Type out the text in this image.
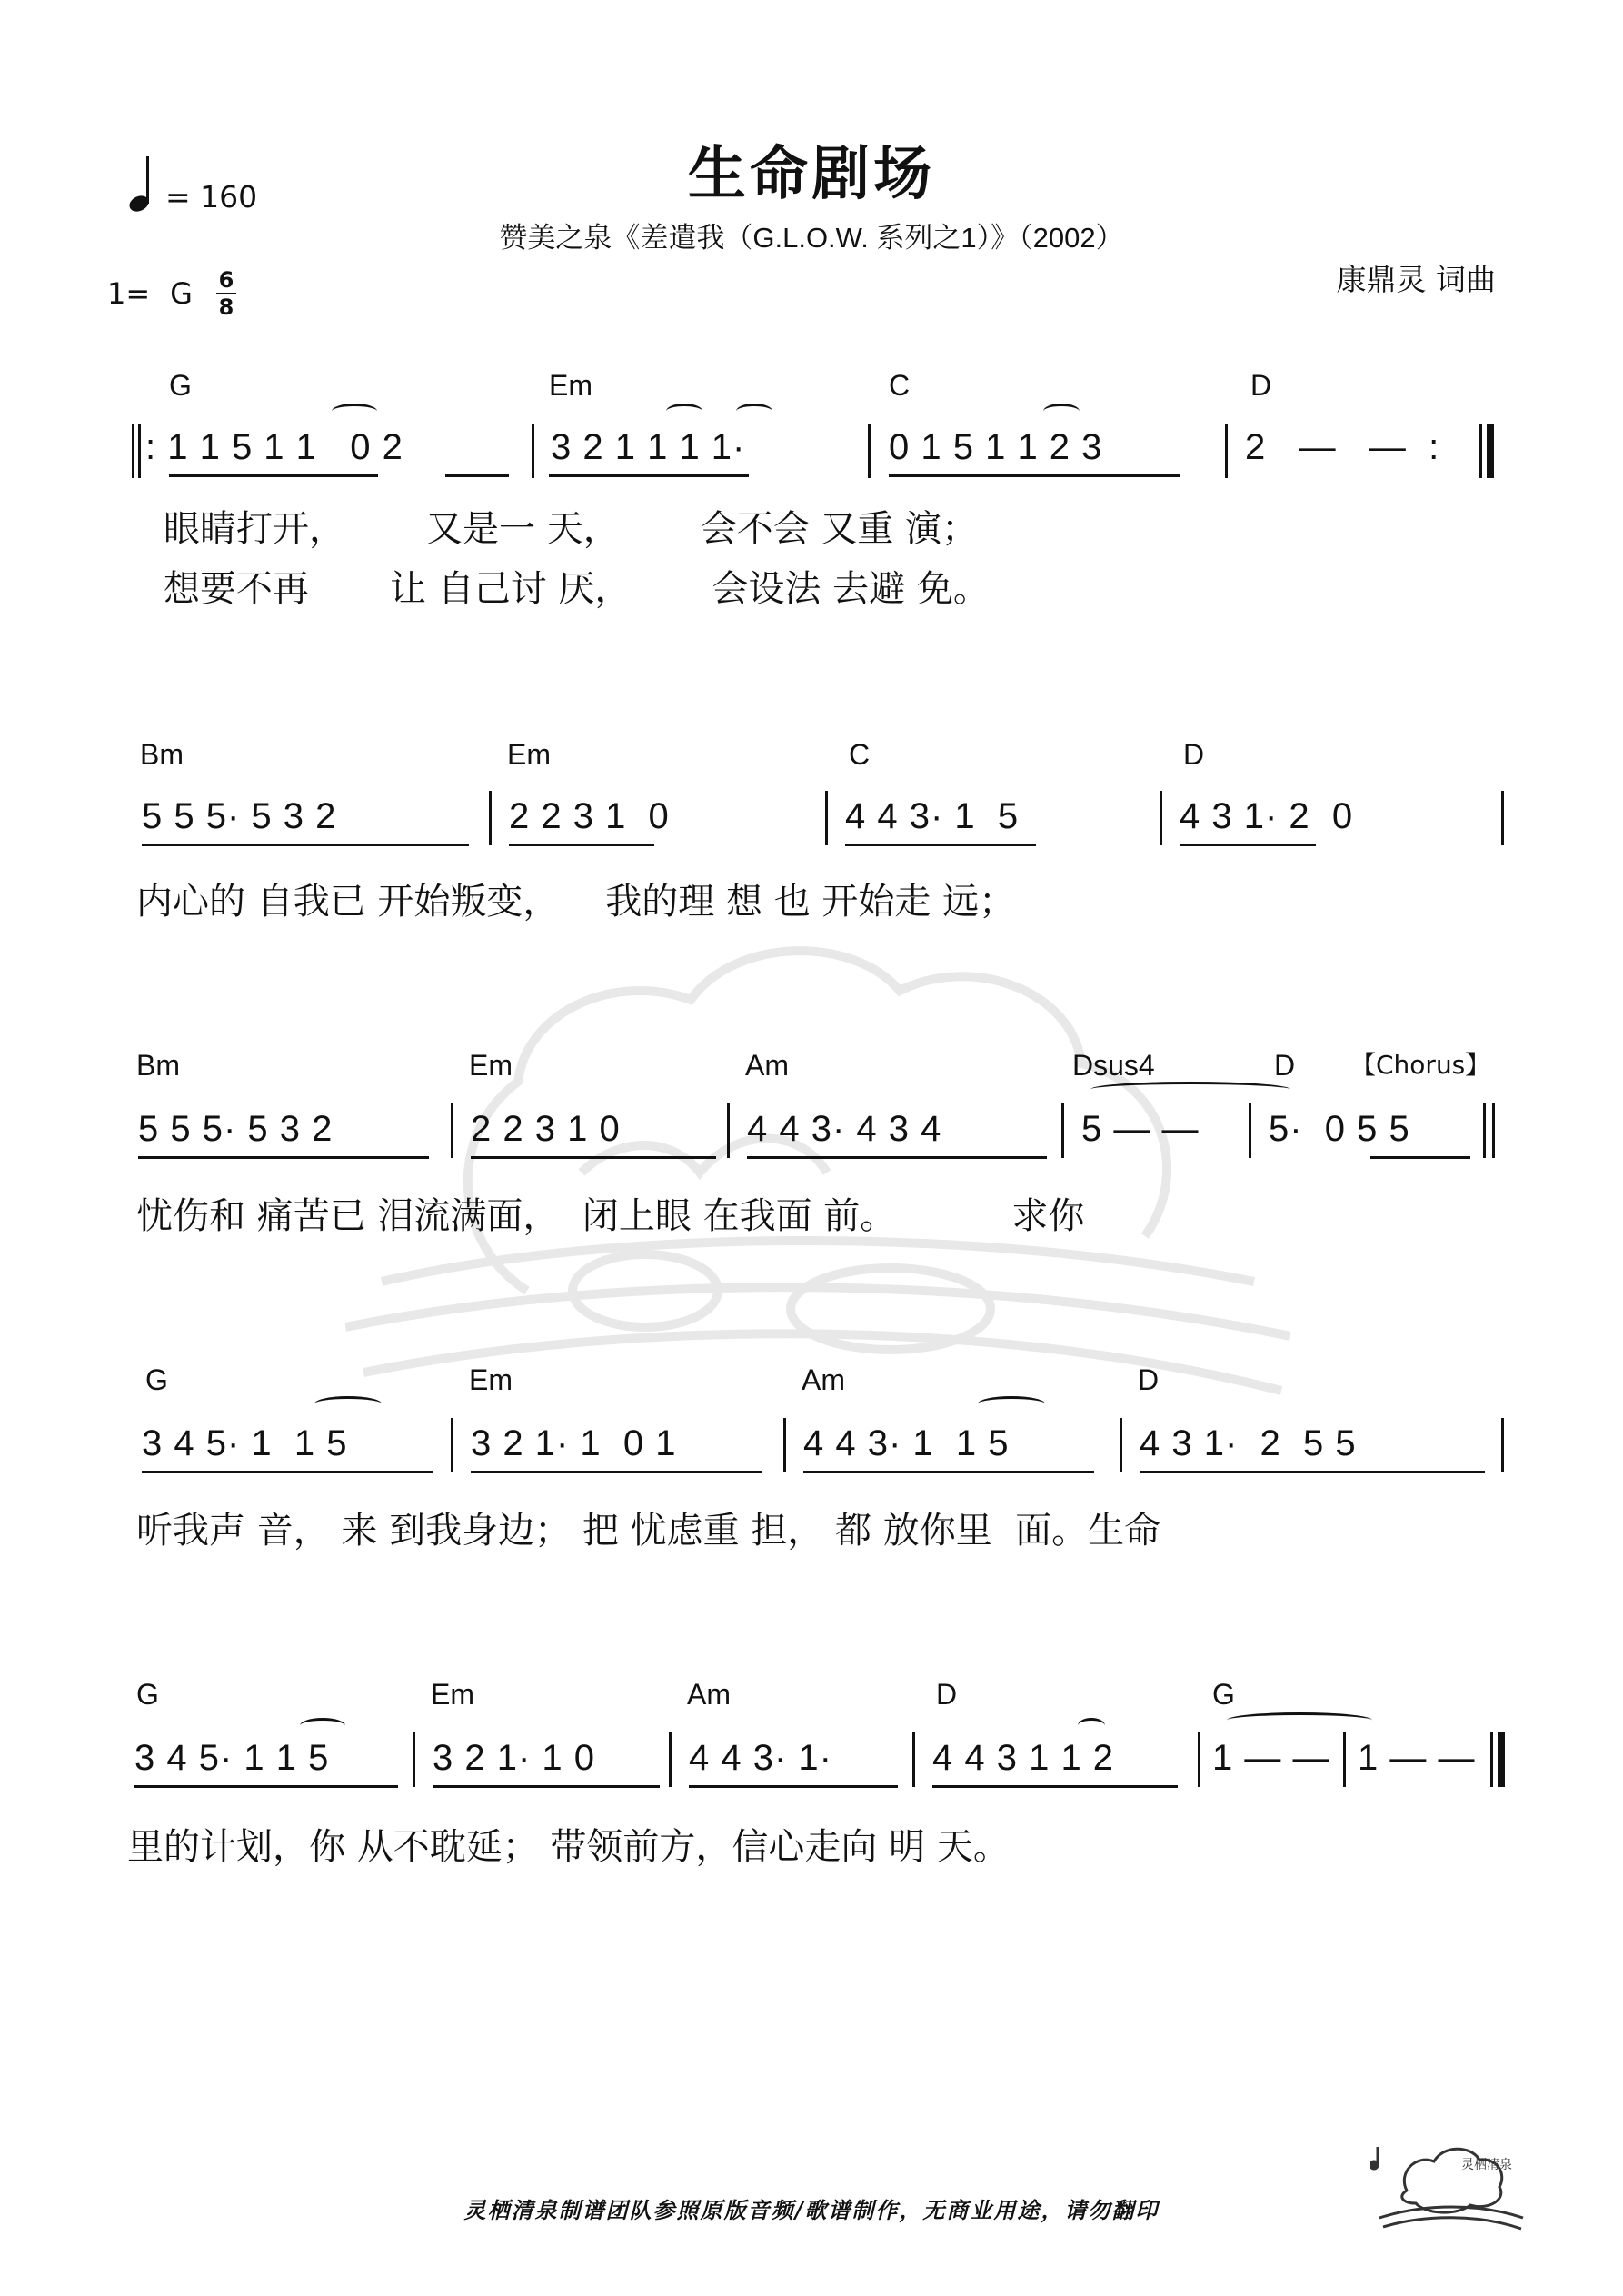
生命剧场
赞美之泉《差遣我（G.L.O.W. 系列之1）》（2002）
康鼎灵 词曲
= 160
1= G 6
8
G	Em	C	D
: 1 1 5 1 1   0 2	3 2 1 1 1 1·	0 1 5 1 1 2 3	2   —   —  :
眼睛打开，       又是一 天，       会不会 又重 演；
想要不再       让 自己讨 厌，       会设法 去避 免。
Bm	Em	C	D
5 5 5· 5 3 2	2 2 3 1  0	4 4 3· 1  5	4 3 1· 2  0
内心的 自我已 开始叛变，    我的理 想 也 开始走 远；
Bm	Em	Am	Dsus4	D 【Chorus】
5 5 5· 5 3 2	2 2 3 1 0	4 4 3· 4 3 4	5 — — 5·  0 5 5
忧伤和 痛苦已 泪流满面，  闭上眼 在我面 前。          求你
G	Em	Am	D
3 4 5· 1  1 5	3 2 1· 1  0 1	4 4 3· 1  1 5	4 3 1·  2  5 5
听我声 音， 来 到我身边； 把 忧虑重 担， 都 放你里  面。生命
G	Em	Am	D	G
3 4 5· 1 1 5	3 2 1· 1 0	4 4 3· 1·	4 4 3 1 1 2	1 — — 1 — —
里的计划，你 从不耽延； 带领前方，信心走向 明 天。
灵栖清泉制谱团队参照原版音频/歌谱制作，无商业用途，请勿翻印
灵栖清泉
